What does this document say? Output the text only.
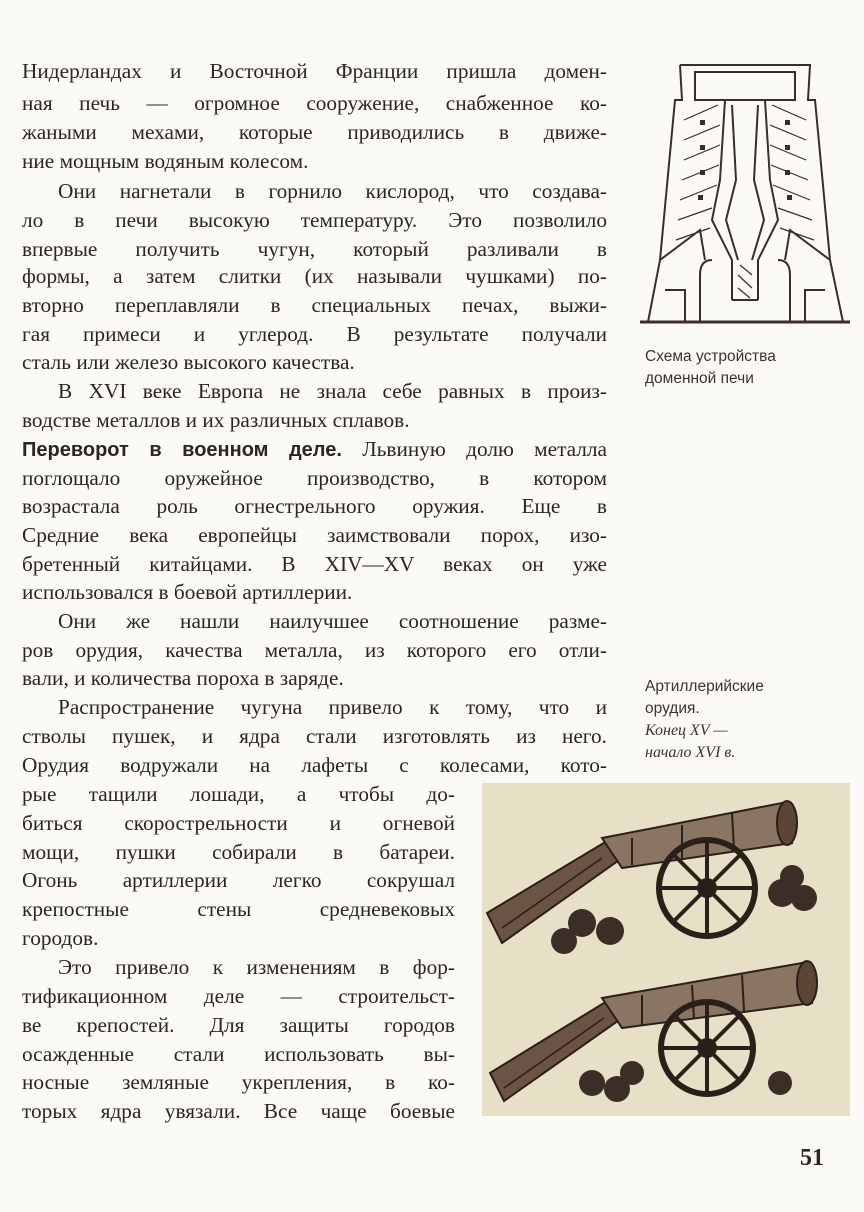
Нидерландах и Восточной Франции пришла домен-
ная печь — огромное сооружение, снабженное ко-
жаными мехами, которые приводились в движе-
ние мощным водяным колесом.
Они нагнетали в горнило кислород, что создава-
ло в печи высокую температуру. Это позволило
впервые получить чугун, который разливали в
формы, а затем слитки (их называли чушками) по-
вторно переплавляли в специальных печах, выжи-
гая примеси и углерод. В результате получали
сталь или железо высокого качества.
В XVI веке Европа не знала себе равных в произ-
водстве металлов и их различных сплавов.
Переворот в военном деле. Львиную долю металла
поглощало оружейное производство, в котором
возрастала роль огнестрельного оружия. Еще в
Средние века европейцы заимствовали порох, изо-
бретенный китайцами. В XIV—XV веках он уже
использовался в боевой артиллерии.
Они же нашли наилучшее соотношение разме-
ров орудия, качества металла, из которого его отли-
вали, и количества пороха в заряде.
Распространение чугуна привело к тому, что и
стволы пушек, и ядра стали изготовлять из него.
Орудия водружали на лафеты с колесами, кото-
рые тащили лошади, а чтобы до-
биться скорострельности и огневой
мощи, пушки собирали в батареи.
Огонь артиллерии легко сокрушал
крепостные стены средневековых
городов.
Это привело к изменениям в фор-
тификационном деле — строительст-
ве крепостей. Для защиты городов
осажденные стали использовать вы-
носные земляные укрепления, в ко-
торых ядра увязали. Все чаще боевые
Схема устройства
доменной печи
Артиллерийские
орудия.
Конец XV —
начало XVI в.
51
